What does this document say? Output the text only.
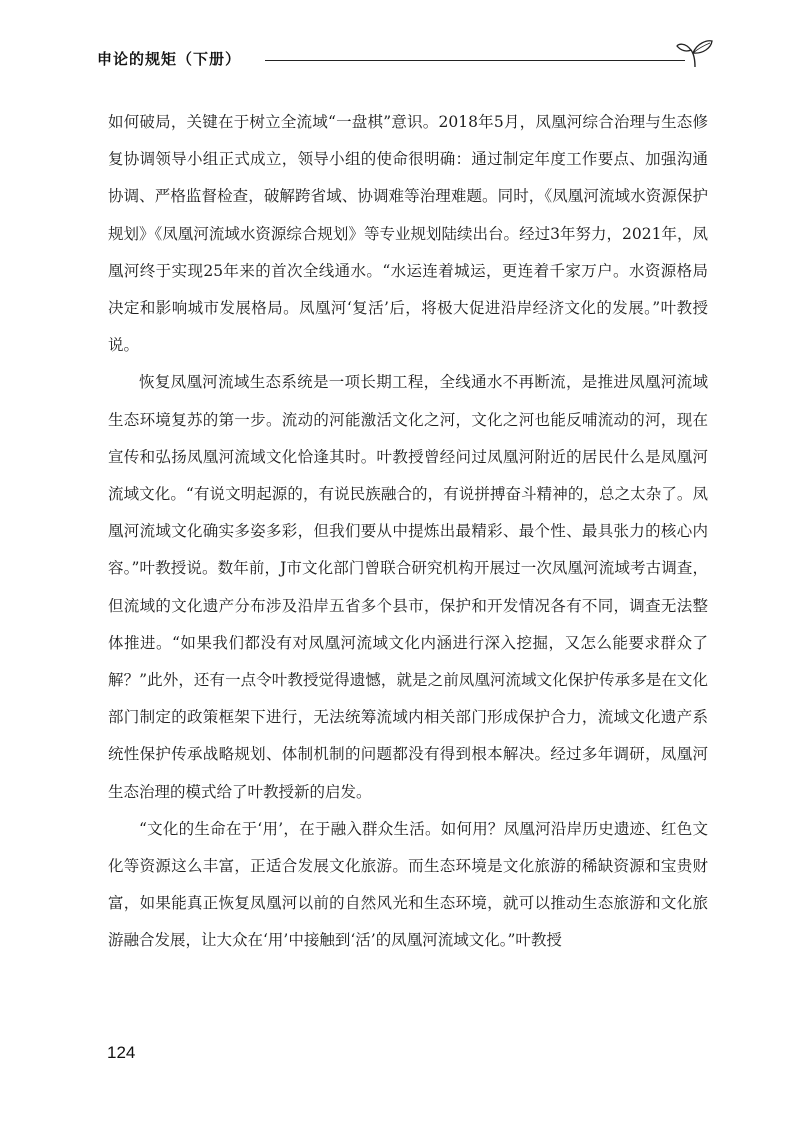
申论的规矩（下册）

如何破局，关键在于树立全流域“一盘棋”意识。2018年5月，凤凰河综合治理与生态修复协调领导小组正式成立，领导小组的使命很明确：通过制定年度工作要点、加强沟通协调、严格监督检查，破解跨省域、协调难等治理难题。同时，《凤凰河流域水资源保护规划》《凤凰河流域水资源综合规划》等专业规划陆续出台。经过3年努力，2021年，凤凰河终于实现25年来的首次全线通水。“水运连着城运，更连着千家万户。水资源格局决定和影响城市发展格局。凤凰河‘复活’后，将极大促进沿岸经济文化的发展。”叶教授说。

恢复凤凰河流域生态系统是一项长期工程，全线通水不再断流，是推进凤凰河流域生态环境复苏的第一步。流动的河能激活文化之河，文化之河也能反哺流动的河，现在宣传和弘扬凤凰河流域文化恰逢其时。叶教授曾经问过凤凰河附近的居民什么是凤凰河流域文化。“有说文明起源的，有说民族融合的，有说拼搏奋斗精神的，总之太杂了。凤凰河流域文化确实多姿多彩，但我们要从中提炼出最精彩、最个性、最具张力的核心内容。”叶教授说。数年前，J市文化部门曾联合研究机构开展过一次凤凰河流域考古调查，但流域的文化遗产分布涉及沿岸五省多个县市，保护和开发情况各有不同，调查无法整体推进。“如果我们都没有对凤凰河流域文化内涵进行深入挖掘，又怎么能要求群众了解？”此外，还有一点令叶教授觉得遗憾，就是之前凤凰河流域文化保护传承多是在文化部门制定的政策框架下进行，无法统筹流域内相关部门形成保护合力，流域文化遗产系统性保护传承战略规划、体制机制的问题都没有得到根本解决。经过多年调研，凤凰河生态治理的模式给了叶教授新的启发。

“文化的生命在于‘用’，在于融入群众生活。如何用？凤凰河沿岸历史遗迹、红色文化等资源这么丰富，正适合发展文化旅游。而生态环境是文化旅游的稀缺资源和宝贵财富，如果能真正恢复凤凰河以前的自然风光和生态环境，就可以推动生态旅游和文化旅游融合发展，让大众在‘用’中接触到‘活’的凤凰河流域文化。”叶教授

124
